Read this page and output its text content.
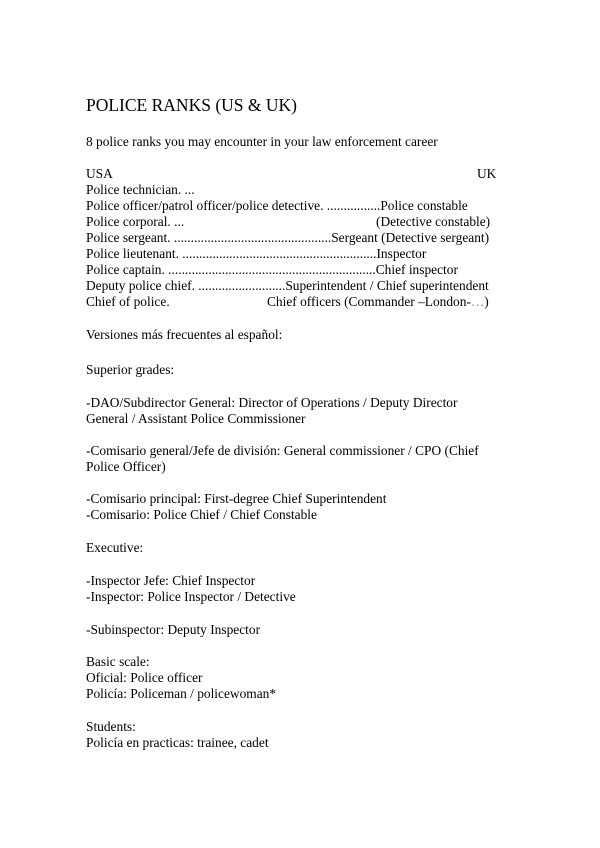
POLICE RANKS (US & UK)
8 police ranks you may encounter in your law enforcement career
USA	UK
Police technician. ...
Police officer/patrol officer/police detective. ................Police constable
Police corporal. ...	(Detective constable)
Police sergeant. ...............................................Sergeant (Detective sergeant)
Police lieutenant. ..........................................................Inspector
Police captain. ..............................................................Chief inspector
Deputy police chief. ..........................Superintendent / Chief superintendent
Chief of police.	Chief officers (Commander –London-…)
Versiones más frecuentes al español:
Superior grades:
-DAO/Subdirector General: Director of Operations / Deputy Director
General / Assistant Police Commissioner
-Comisario general/Jefe de división: General commissioner / CPO (Chief
Police Officer)
-Comisario principal: First-degree Chief Superintendent
-Comisario: Police Chief / Chief Constable
Executive:
-Inspector Jefe: Chief Inspector
-Inspector: Police Inspector / Detective
-Subinspector: Deputy Inspector
Basic scale:
Oficial: Police officer
Policía: Policeman / policewoman*
Students:
Policía en practicas: trainee, cadet
